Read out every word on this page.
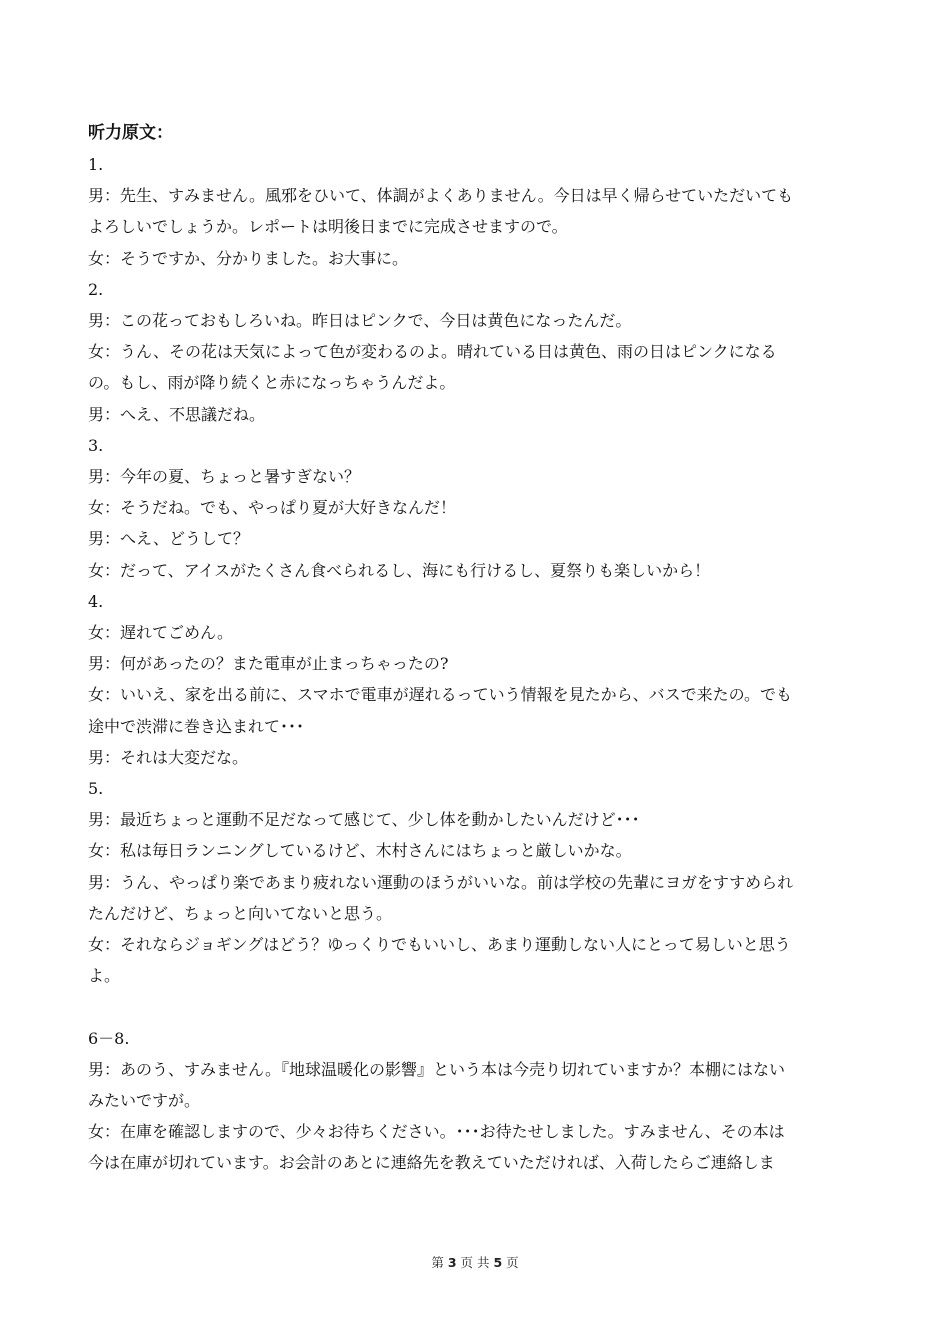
听力原文：
1.
男：先生、すみません。風邪をひいて、体調がよくありません。今日は早く帰らせていただいても
よろしいでしょうか。レポートは明後日までに完成させますので。
女：そうですか、分かりました。お大事に。
2.
男：この花っておもしろいね。昨日はピンクで、今日は黄色になったんだ。
女：うん、その花は天気によって色が変わるのよ。晴れている日は黄色、雨の日はピンクになる
の。もし、雨が降り続くと赤になっちゃうんだよ。
男：へえ、不思議だね。
3.
男：今年の夏、ちょっと暑すぎない？
女：そうだね。でも、やっぱり夏が大好きなんだ！
男：へえ、どうして？
女：だって、アイスがたくさん食べられるし、海にも行けるし、夏祭りも楽しいから！
4.
女：遅れてごめん。
男：何があったの？また電車が止まっちゃったの?
女：いいえ、家を出る前に、スマホで電車が遅れるっていう情報を見たから、バスで来たの。でも
途中で渋滞に巻き込まれて･･･
男：それは大変だな。
5.
男：最近ちょっと運動不足だなって感じて、少し体を動かしたいんだけど･･･
女：私は毎日ランニングしているけど、木村さんにはちょっと厳しいかな。
男：うん、やっぱり楽であまり疲れない運動のほうがいいな。前は学校の先輩にヨガをすすめられ
たんだけど、ちょっと向いてないと思う。
女：それならジョギングはどう？ゆっくりでもいいし、あまり運動しない人にとって易しいと思う
よ。
6－8.
男：あのう、すみません。『地球温暖化の影響』という本は今売り切れていますか？本棚にはない
みたいですが。
女：在庫を確認しますので、少々お待ちください。･･･お待たせしました。すみません、その本は
今は在庫が切れています。お会計のあとに連絡先を教えていただければ、入荷したらご連絡しま
第 3 页 共 5 页
